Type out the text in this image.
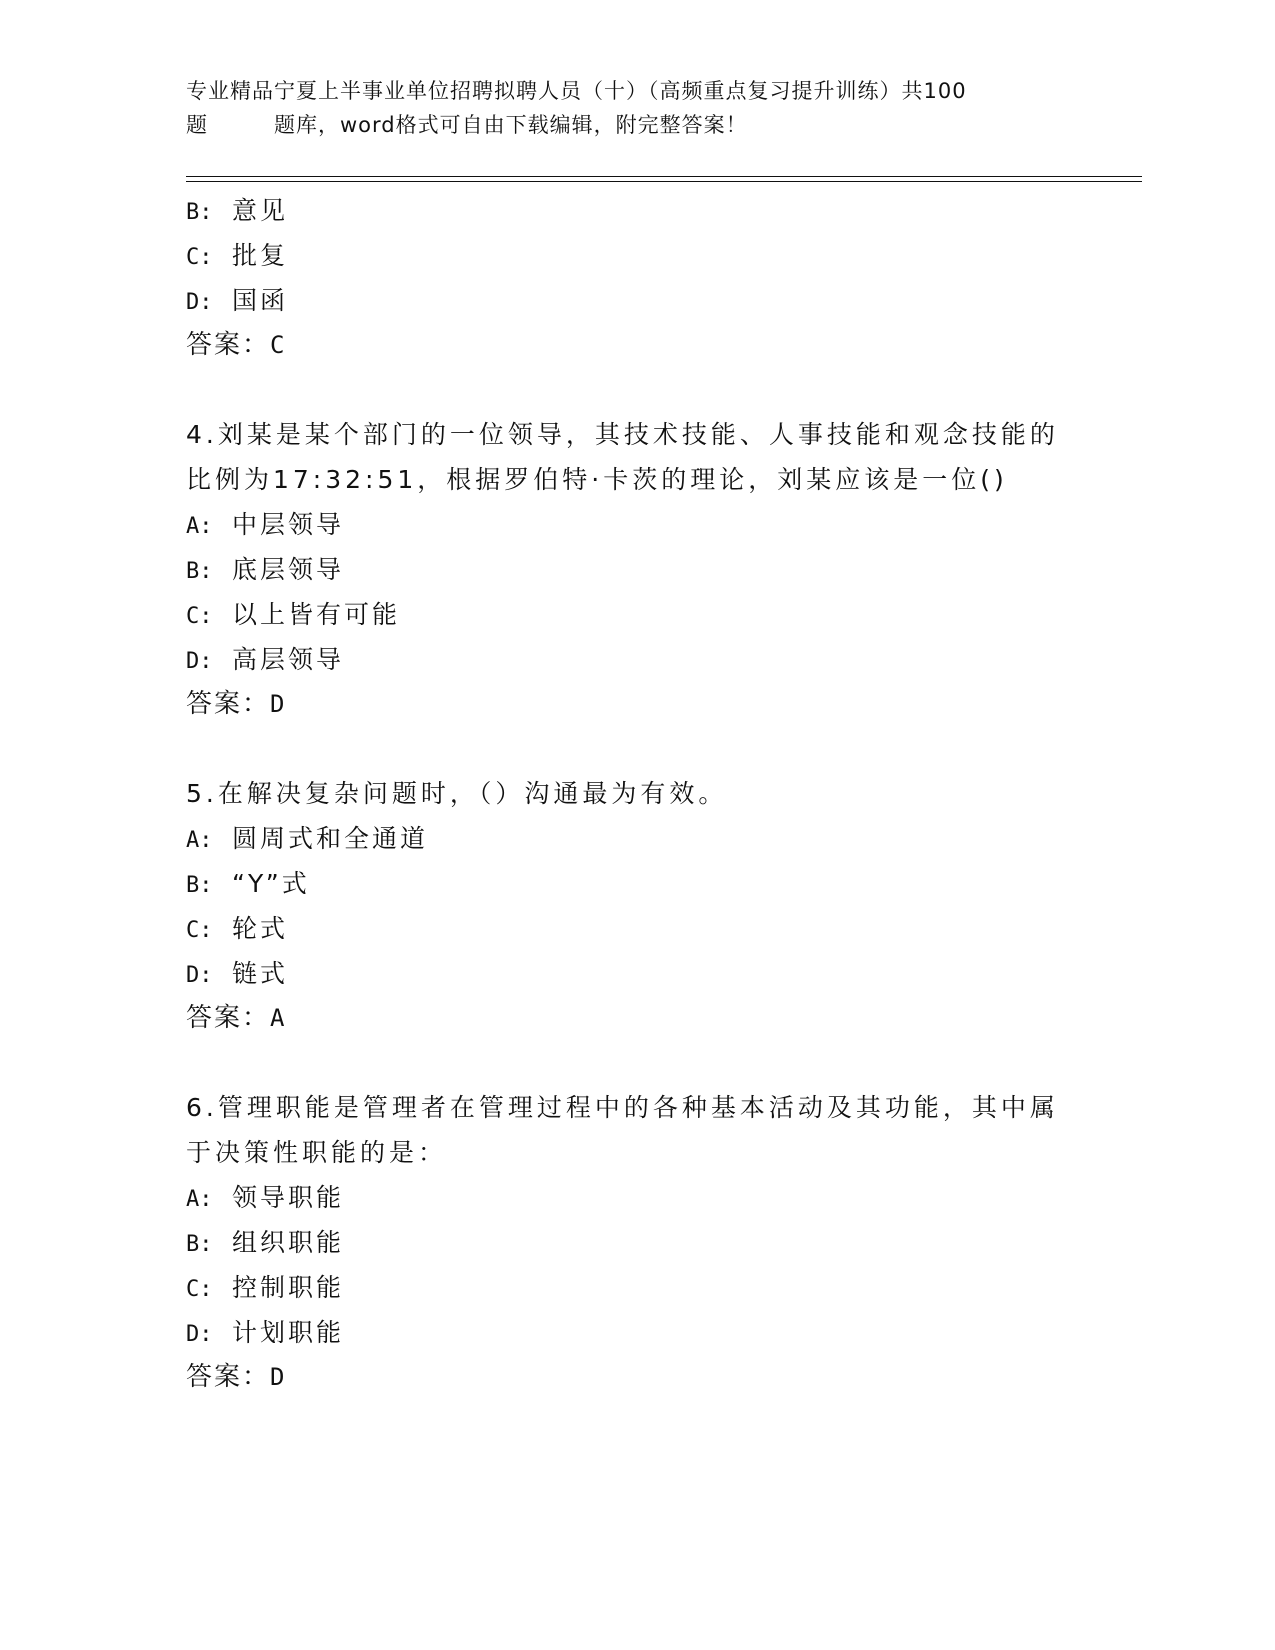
专业精品宁夏上半事业单位招聘拟聘人员（十）（高频重点复习提升训练）共100
题　　　题库，word格式可自由下载编辑，附完整答案！
B: 意见
C: 批复
D: 国函
答案：C
4.刘某是某个部门的一位领导，其技术技能、人事技能和观念技能的
比例为17:32:51，根据罗伯特·卡茨的理论，刘某应该是一位()
A: 中层领导
B: 底层领导
C: 以上皆有可能
D: 高层领导
答案：D
5.在解决复杂问题时，（）沟通最为有效。
A: 圆周式和全通道
B: “Y”式
C: 轮式
D: 链式
答案：A
6.管理职能是管理者在管理过程中的各种基本活动及其功能，其中属
于决策性职能的是：
A: 领导职能
B: 组织职能
C: 控制职能
D: 计划职能
答案：D
